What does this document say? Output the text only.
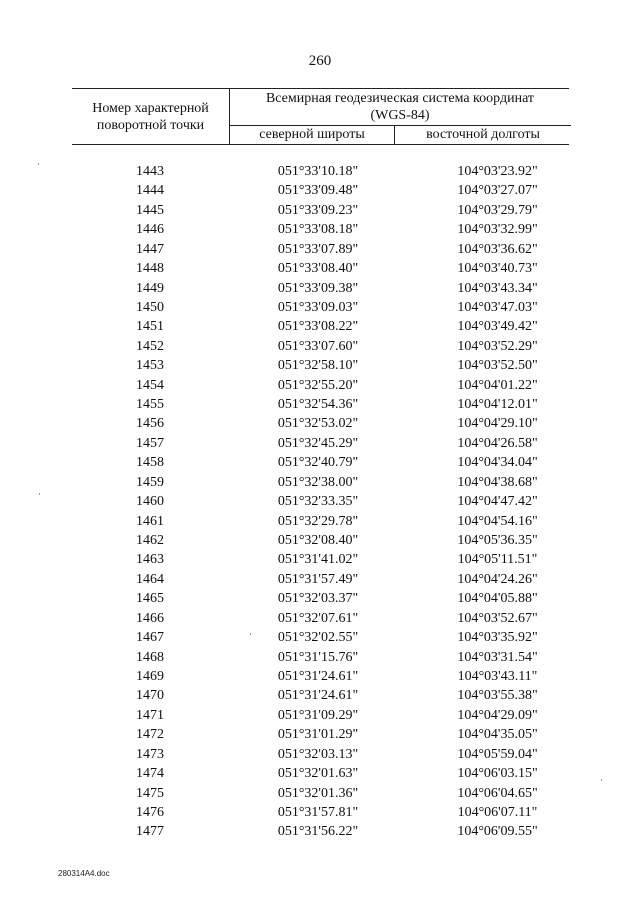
260
Номер характерной
поворотной точки
Всемирная геодезическая система координат
(WGS-84)
северной широты	восточной долготы
1443	051°33'10.18"	104°03'23.92"
1444	051°33'09.48"	104°03'27.07"
1445	051°33'09.23"	104°03'29.79"
1446	051°33'08.18"	104°03'32.99"
1447	051°33'07.89"	104°03'36.62"
1448	051°33'08.40"	104°03'40.73"
1449	051°33'09.38"	104°03'43.34"
1450	051°33'09.03"	104°03'47.03"
1451	051°33'08.22"	104°03'49.42"
1452	051°33'07.60"	104°03'52.29"
1453	051°32'58.10"	104°03'52.50"
1454	051°32'55.20"	104°04'01.22"
1455	051°32'54.36"	104°04'12.01"
1456	051°32'53.02"	104°04'29.10"
1457	051°32'45.29"	104°04'26.58"
1458	051°32'40.79"	104°04'34.04"
1459	051°32'38.00"	104°04'38.68"
1460	051°32'33.35"	104°04'47.42"
1461	051°32'29.78"	104°04'54.16"
1462	051°32'08.40"	104°05'36.35"
1463	051°31'41.02"	104°05'11.51"
1464	051°31'57.49"	104°04'24.26"
1465	051°32'03.37"	104°04'05.88"
1466	051°32'07.61"	104°03'52.67"
1467	051°32'02.55"	104°03'35.92"
1468	051°31'15.76"	104°03'31.54"
1469	051°31'24.61"	104°03'43.11"
1470	051°31'24.61"	104°03'55.38"
1471	051°31'09.29"	104°04'29.09"
1472	051°31'01.29"	104°04'35.05"
1473	051°32'03.13"	104°05'59.04"
1474	051°32'01.63"	104°06'03.15"
1475	051°32'01.36"	104°06'04.65"
1476	051°31'57.81"	104°06'07.11"
1477	051°31'56.22"	104°06'09.55"
280314A4.doc
